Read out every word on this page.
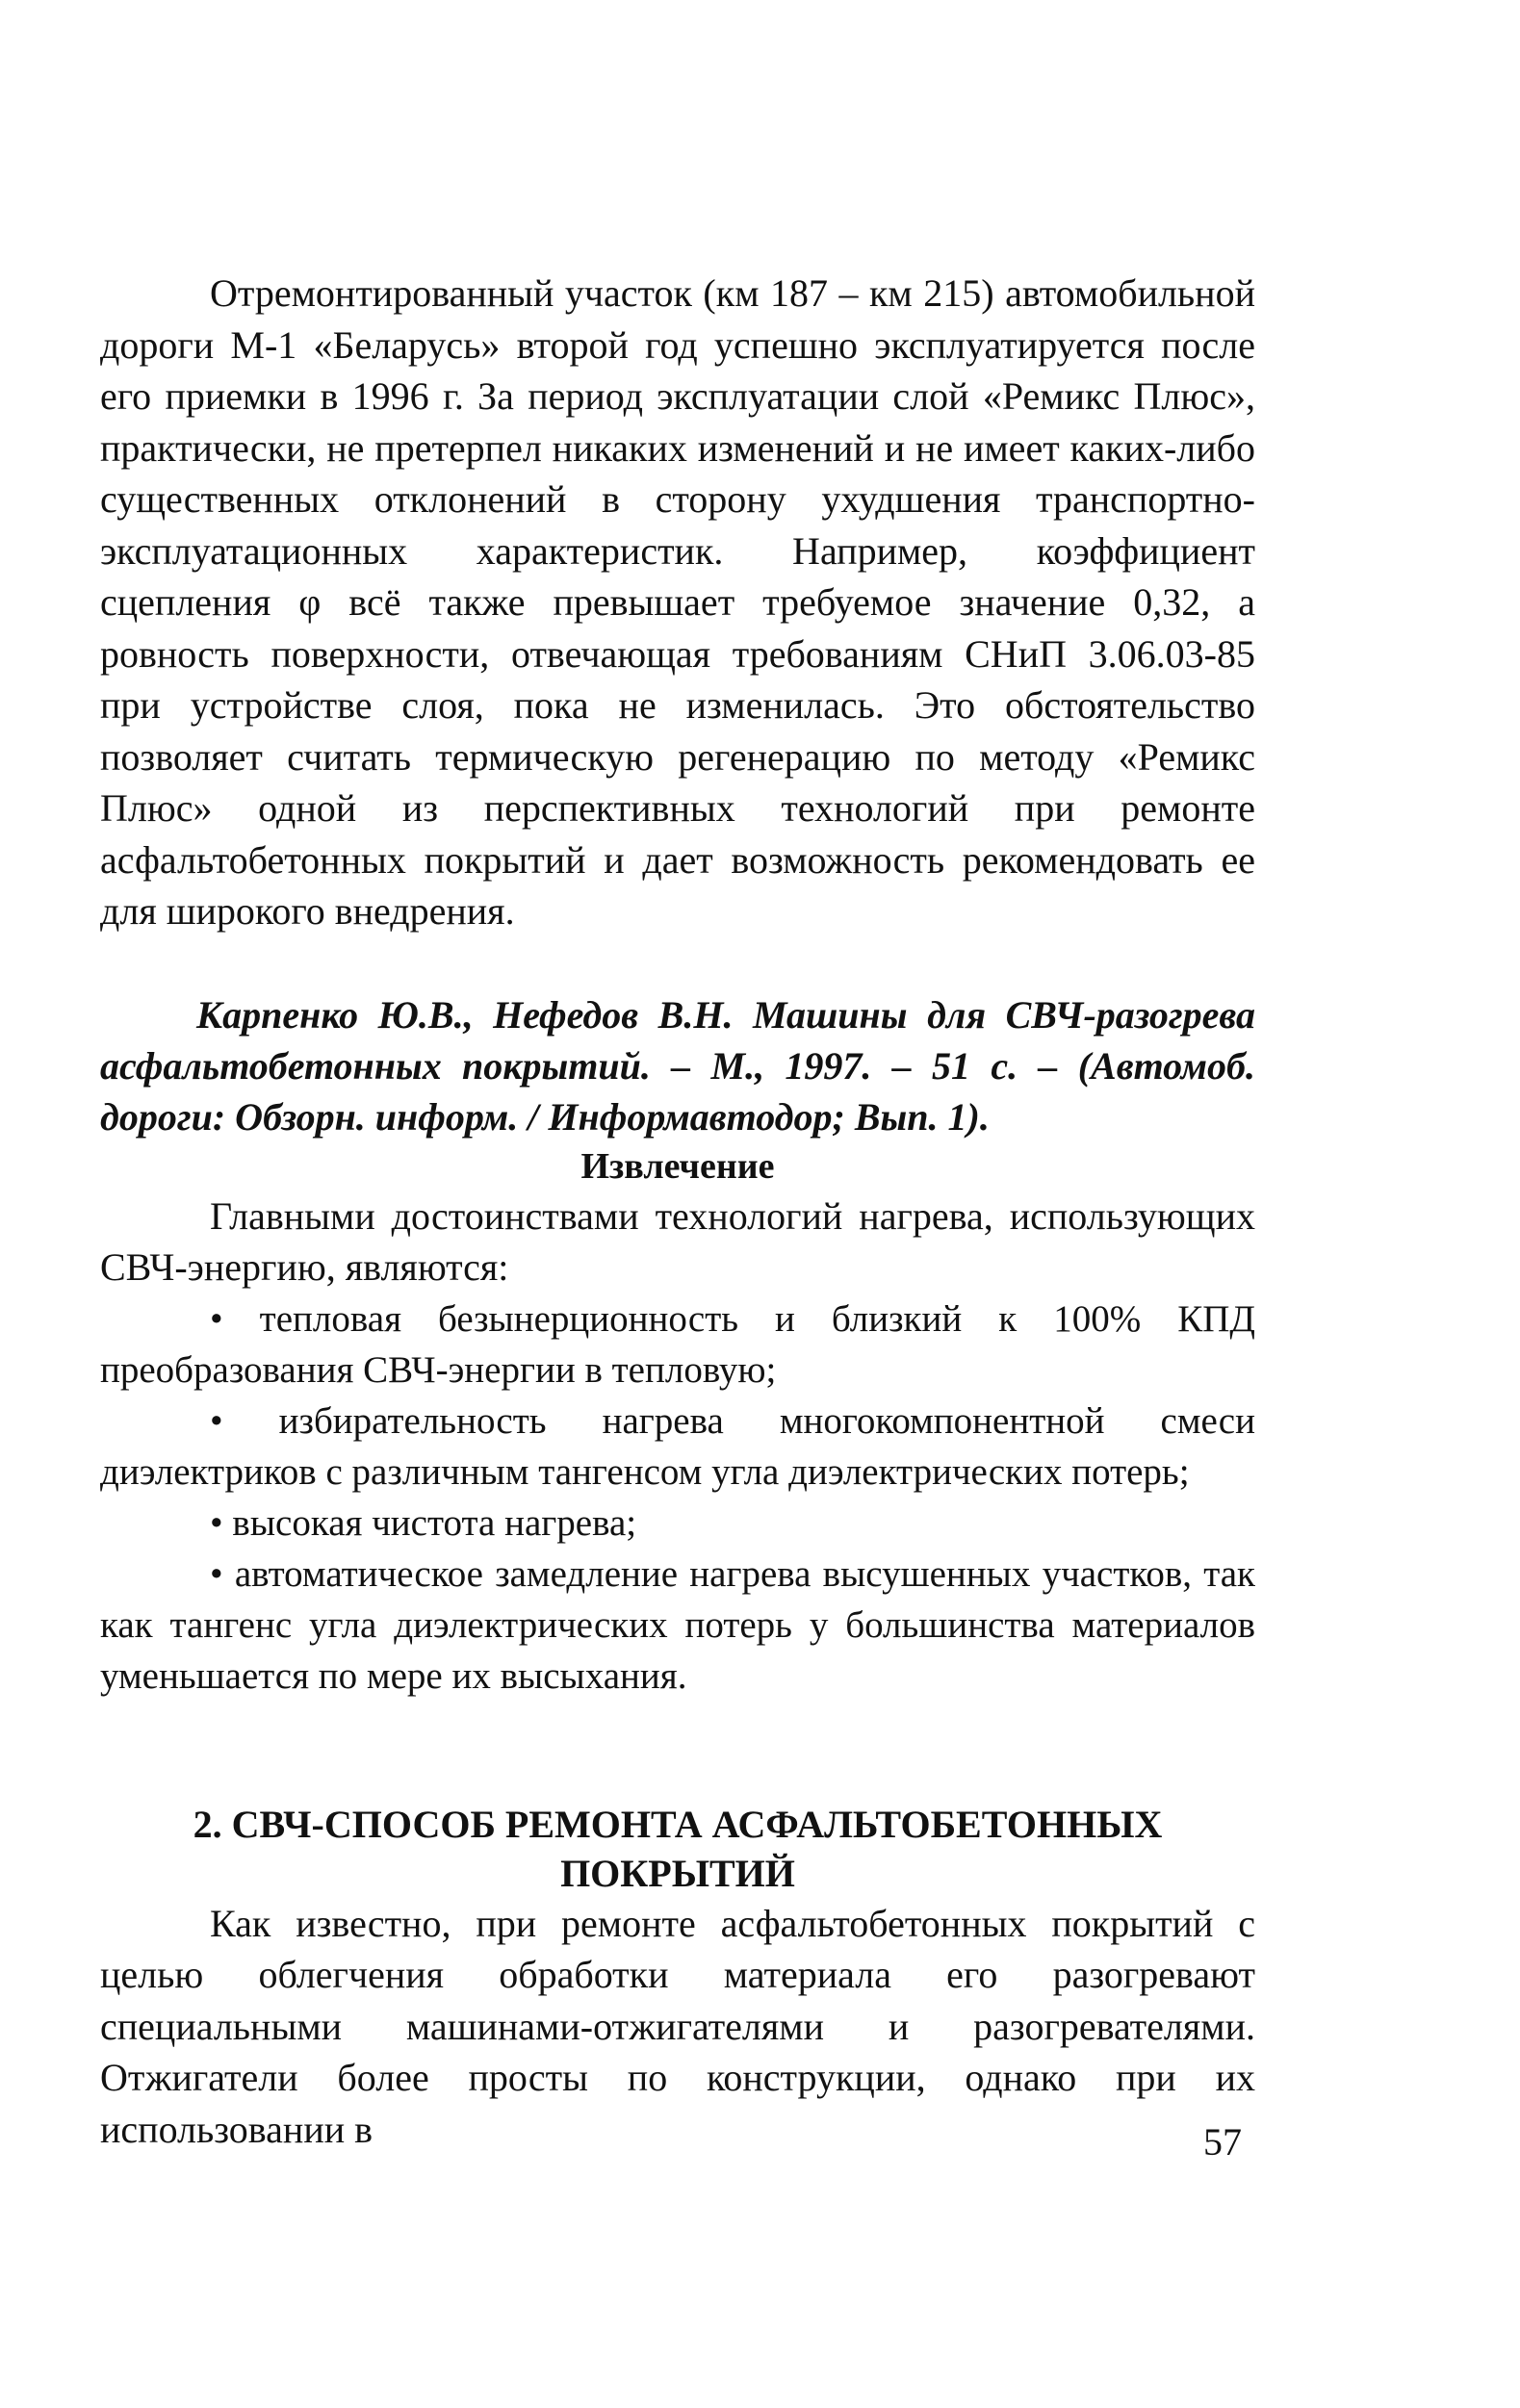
Отремонтированный участок (км 187 – км 215) автомобильной дороги М-1 «Беларусь» второй год успешно эксплуатируется после его приемки в 1996 г. За период эксплуатации слой «Ремикс Плюс», практически, не претерпел никаких изменений и не имеет каких-либо существенных отклонений в сторону ухудшения транспортно-эксплуатационных характеристик. Например, коэффициент сцепления φ всё также превышает требуемое значение 0,32, а ровность поверхности, отвечающая требованиям СНиП 3.06.03-85 при устройстве слоя, пока не изменилась. Это обстоятельство позволяет считать термическую регенерацию по методу «Ремикс Плюс» одной из перспективных технологий при ремонте асфальтобетонных покрытий и дает возможность рекомендовать ее для широкого внедрения.

Карпенко Ю.В., Нефедов В.Н. Машины для СВЧ-разогрева асфальтобетонных покрытий. – М., 1997. – 51 с. – (Автомоб. дороги: Обзорн. информ. / Информавтодор; Вып. 1).

Извлечение

Главными достоинствами технологий нагрева, использующих СВЧ-энергию, являются:

• тепловая безынерционность и близкий к 100% КПД преобразования СВЧ-энергии в тепловую;

• избирательность нагрева многокомпонентной смеси диэлектриков с различным тангенсом угла диэлектрических потерь;

• высокая чистота нагрева;

• автоматическое замедление нагрева высушенных участков, так как тангенс угла диэлектрических потерь у большинства материалов уменьшается по мере их высыхания.

2. СВЧ-СПОСОБ РЕМОНТА АСФАЛЬТОБЕТОННЫХ
ПОКРЫТИЙ

Как известно, при ремонте асфальтобетонных покрытий с целью облегчения обработки материала его разогревают специальными машинами-отжигателями и разогревателями. Отжигатели более просты по конструкции, однако при их использовании в	57
